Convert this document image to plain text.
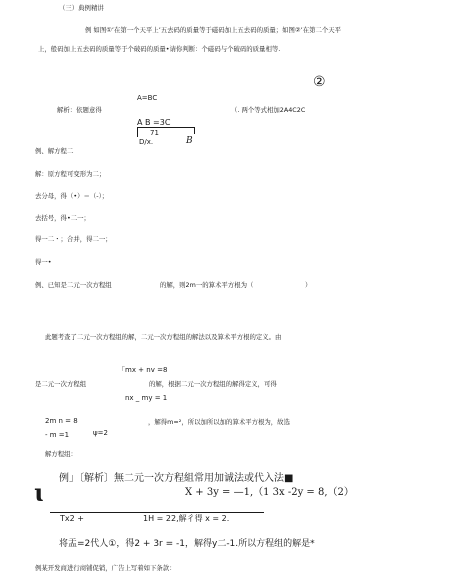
（三）典例精讲
例 如图①’在第一个天平上’五去码的质量等于磁码加上五去码的质量；如图②’在第二个天平
上，般码加上五去码的质量等于个破码的质量•请你判断：个磁码与个破码的质量相等.
②
A=BC
解析：依题意得	（. 两个等式相加2A4C2C
A B =3C
71
D/x.	B
例、解方程二
解：原方程可变形为二；
去分母，得（•）＝（-）；
去括号，得•二一；
得一二・；合并，得二一；
得一•
例、已知是二元一次方程组	的解，则2m一的算术平方根为（	）
此题考查了二元一次方程组的解，二元一次方程组的解法以及算术平方根的定义。由
「mx + nv =8
是二元一次方程组	的解，根据二元一次方程组的解得定义，可得
nx _ my = 1
2m n = 8	，解得m=²，所以加所以加的算术平方根为，故选
- m =1	ψ=2
解方程组：
例」〔解析〕無二元一次方程組常用加诚法或代入法■
ɩ	X + 3y = —1,（1 3x -2y = 8,（2）
Tx2 +	1H = 22,解彳得 x = 2.
将盂=2代人①，得2 + 3r = -1，解得y二-1.所以方程组的解是*
例某开发商进行商铺促销，广告上写着如下条款：
